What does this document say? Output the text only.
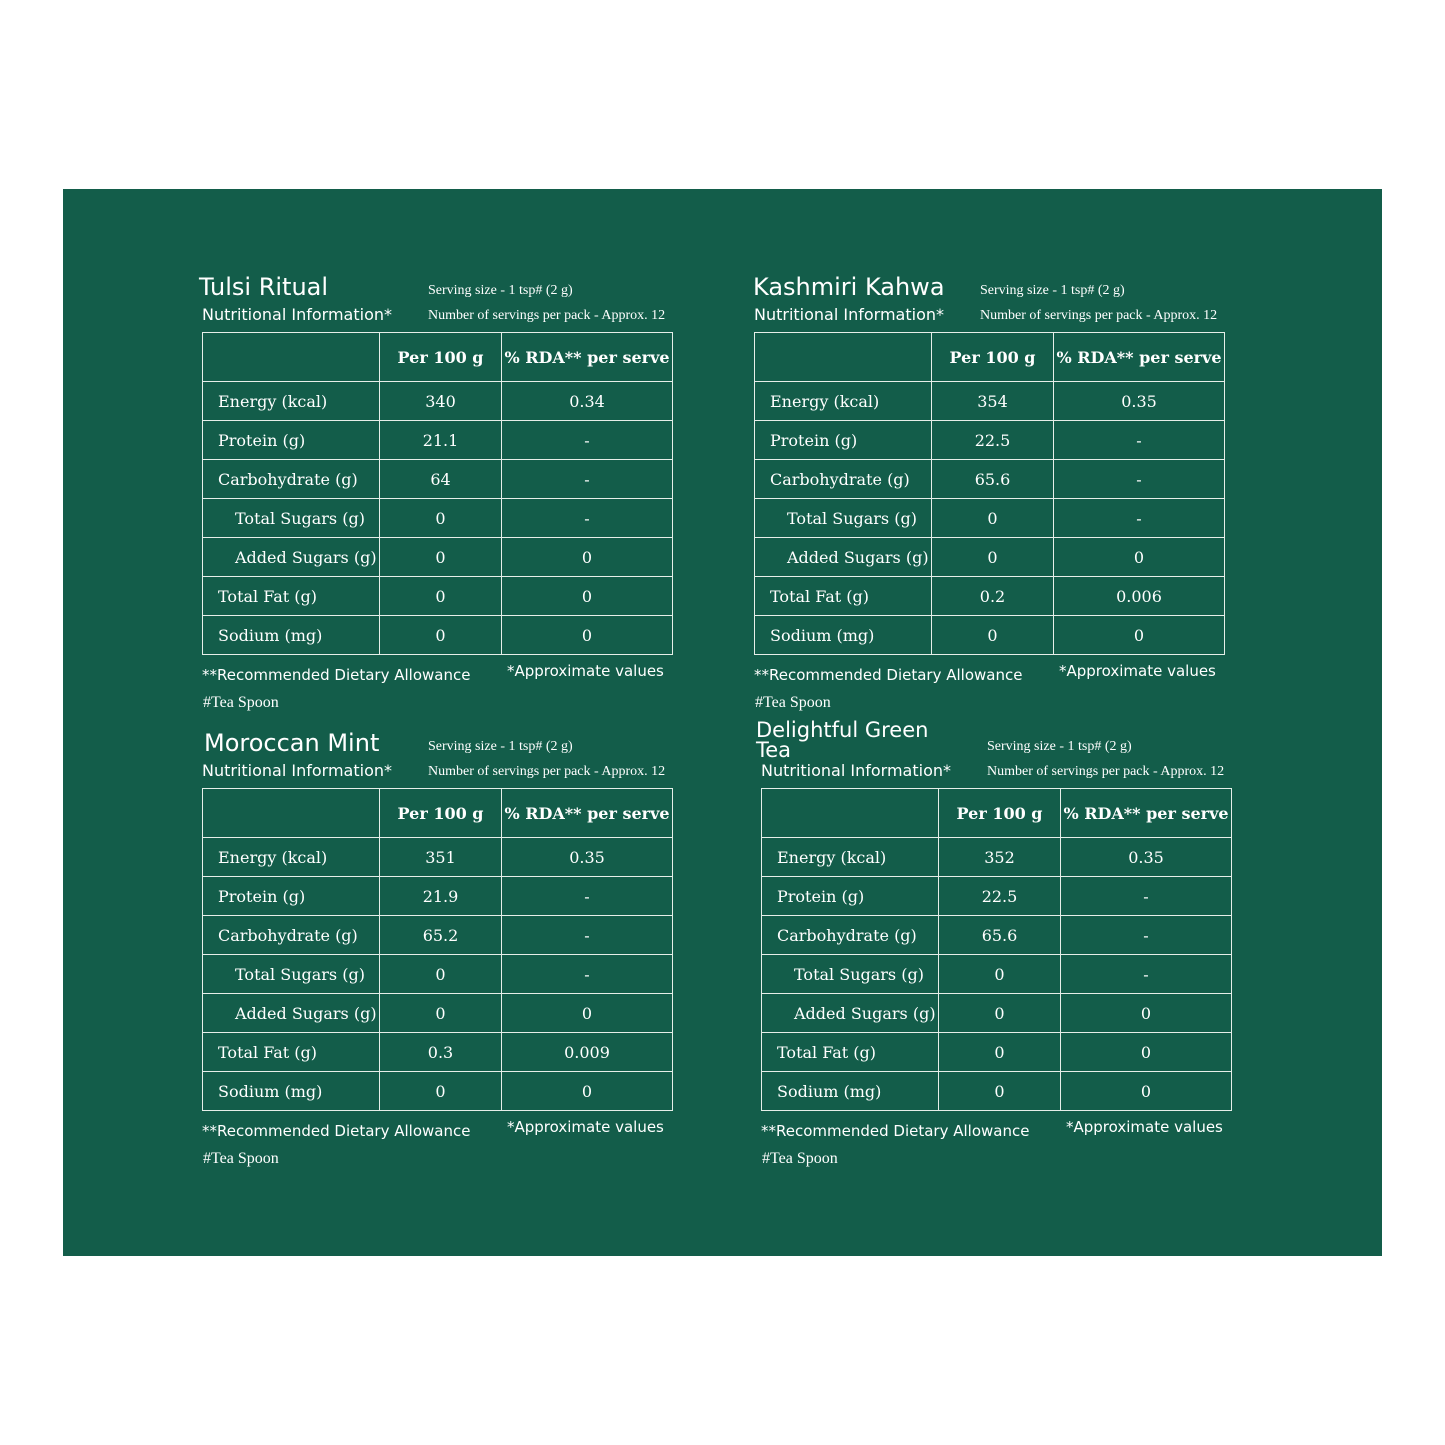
Tulsi Ritual
Nutritional Information*
Serving size - 1 tsp# (2 g)
Number of servings per pack - Approx. 12
	Per 100 g	% RDA** per serve
Energy (kcal)	340	0.34
Protein (g)	21.1	-
Carbohydrate (g)	64	-
Total Sugars (g)	0	-
Added Sugars (g)	0	0
Total Fat (g)	0	0
Sodium (mg)	0	0
**Recommended Dietary Allowance *Approximate values
#Tea Spoon
Kashmiri Kahwa
Nutritional Information*
Serving size - 1 tsp# (2 g)
Number of servings per pack - Approx. 12
	Per 100 g	% RDA** per serve
Energy (kcal)	354	0.35
Protein (g)	22.5	-
Carbohydrate (g)	65.6	-
Total Sugars (g)	0	-
Added Sugars (g)	0	0
Total Fat (g)	0.2	0.006
Sodium (mg)	0	0
**Recommended Dietary Allowance *Approximate values
#Tea Spoon
Moroccan Mint
Nutritional Information*
Serving size - 1 tsp# (2 g)
Number of servings per pack - Approx. 12
	Per 100 g	% RDA** per serve
Energy (kcal)	351	0.35
Protein (g)	21.9	-
Carbohydrate (g)	65.2	-
Total Sugars (g)	0	-
Added Sugars (g)	0	0
Total Fat (g)	0.3	0.009
Sodium (mg)	0	0
**Recommended Dietary Allowance *Approximate values
#Tea Spoon
Delightful Green
Tea
Nutritional Information*
Serving size - 1 tsp# (2 g)
Number of servings per pack - Approx. 12
	Per 100 g	% RDA** per serve
Energy (kcal)	352	0.35
Protein (g)	22.5	-
Carbohydrate (g)	65.6	-
Total Sugars (g)	0	-
Added Sugars (g)	0	0
Total Fat (g)	0	0
Sodium (mg)	0	0
**Recommended Dietary Allowance *Approximate values
#Tea Spoon
